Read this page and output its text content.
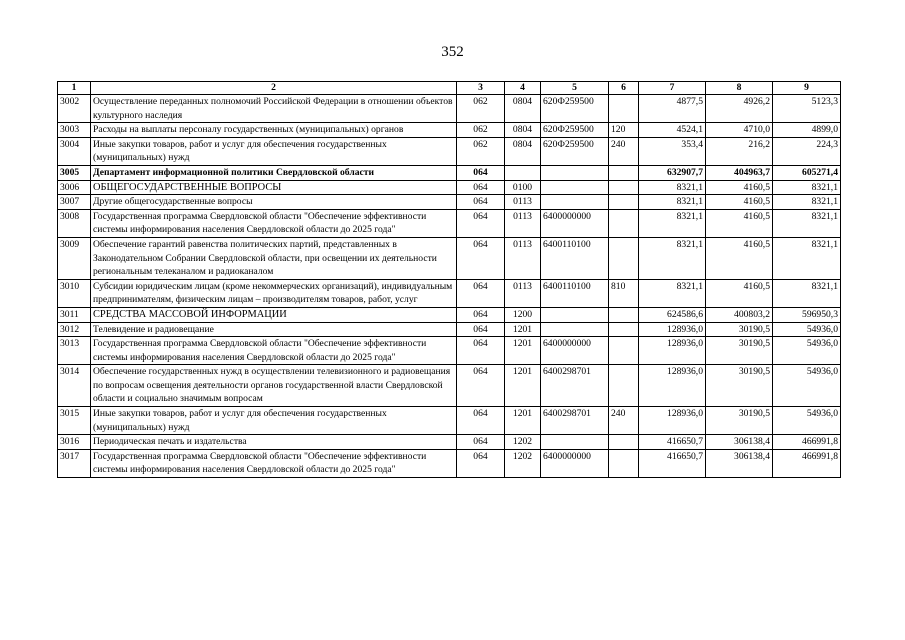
352
1	2	3	4	5	6	7	8	9
3002	Осуществление переданных полномочий Российской Федерации в отношении объектов культурного наследия	062	0804	620Ф259500		4877,5	4926,2	5123,3
3003	Расходы на выплаты персоналу государственных (муниципальных) органов	062	0804	620Ф259500	120	4524,1	4710,0	4899,0
3004	Иные закупки товаров, работ и услуг для обеспечения государственных (муниципальных) нужд	062	0804	620Ф259500	240	353,4	216,2	224,3
3005	Департамент информационной политики Свердловской области	064				632907,7	404963,7	605271,4
3006	ОБЩЕГОСУДАРСТВЕННЫЕ ВОПРОСЫ	064	0100			8321,1	4160,5	8321,1
3007	Другие общегосударственные вопросы	064	0113			8321,1	4160,5	8321,1
3008	Государственная программа Свердловской области "Обеспечение эффективности системы информирования населения Свердловской области до 2025 года"	064	0113	6400000000		8321,1	4160,5	8321,1
3009	Обеспечение гарантий равенства политических партий, представленных в Законодательном Собрании Свердловской области, при освещении их деятельности региональным телеканалом и радиоканалом	064	0113	6400110100		8321,1	4160,5	8321,1
3010	Субсидии юридическим лицам (кроме некоммерческих организаций), индивидуальным предпринимателям, физическим лицам – производителям товаров, работ, услуг	064	0113	6400110100	810	8321,1	4160,5	8321,1
3011	СРЕДСТВА МАССОВОЙ ИНФОРМАЦИИ	064	1200			624586,6	400803,2	596950,3
3012	Телевидение и радиовещание	064	1201			128936,0	30190,5	54936,0
3013	Государственная программа Свердловской области "Обеспечение эффективности системы информирования населения Свердловской области до 2025 года"	064	1201	6400000000		128936,0	30190,5	54936,0
3014	Обеспечение государственных нужд в осуществлении телевизионного и радиовещания по вопросам освещения деятельности органов государственной власти Свердловской области и социально значимым вопросам	064	1201	6400298701		128936,0	30190,5	54936,0
3015	Иные закупки товаров, работ и услуг для обеспечения государственных (муниципальных) нужд	064	1201	6400298701	240	128936,0	30190,5	54936,0
3016	Периодическая печать и издательства	064	1202			416650,7	306138,4	466991,8
3017	Государственная программа Свердловской области "Обеспечение эффективности системы информирования населения Свердловской области до 2025 года"	064	1202	6400000000		416650,7	306138,4	466991,8
